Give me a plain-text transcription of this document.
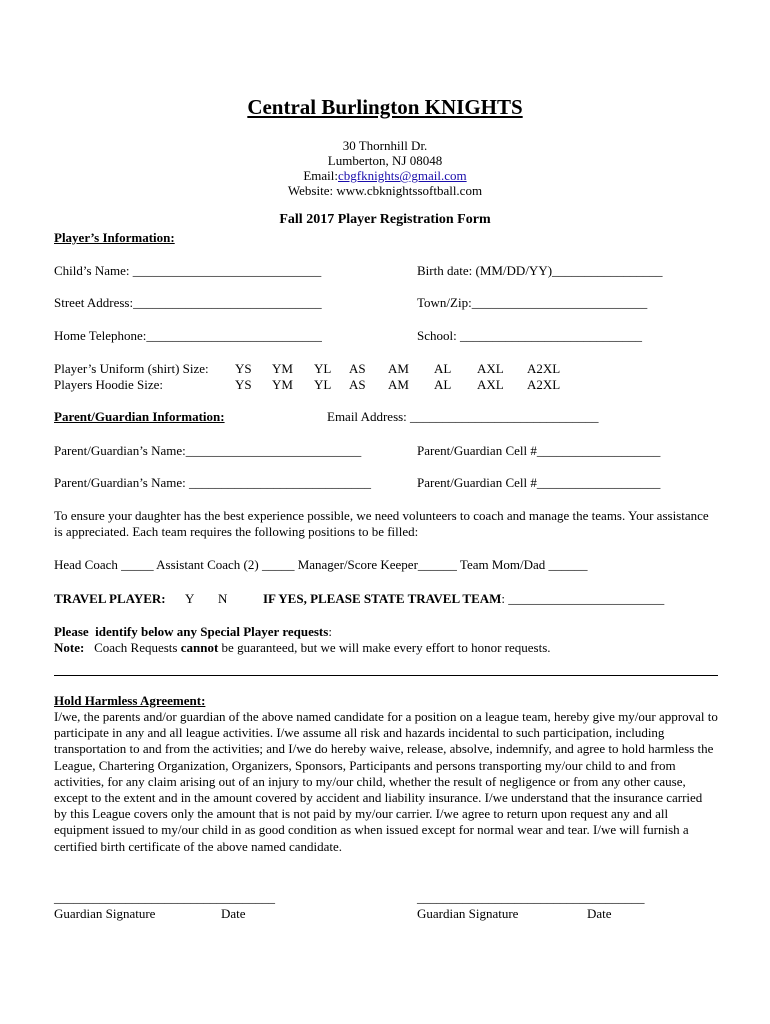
Central Burlington KNIGHTS
30 Thornhill Dr.
Lumberton, NJ 08048
Email:cbgfknights@gmail.com
Website: www.cbknightssoftball.com
Fall 2017 Player Registration Form
Player’s Information:
Child’s Name: _____________________________	Birth date: (MM/DD/YY)_________________
Street Address:_____________________________	Town/Zip:___________________________
Home Telephone:___________________________	School: ____________________________
Player’s Uniform (shirt) Size: YS YM YL AS AM AL AXL A2XL
Players Hoodie Size:	YS YM YL AS AM AL AXL A2XL
Parent/Guardian Information:	Email Address: _____________________________
Parent/Guardian’s Name:___________________________	Parent/Guardian Cell #___________________
Parent/Guardian’s Name: ____________________________	Parent/Guardian Cell #___________________
To ensure your daughter has the best experience possible, we need volunteers to coach and manage the teams. Your assistance is appreciated. Each team requires the following positions to be filled:
Head Coach _____ Assistant Coach (2) _____ Manager/Score Keeper______ Team Mom/Dad ______
TRAVEL PLAYER: Y N	IF YES, PLEASE STATE TRAVEL TEAM: ________________________
Please  identify below any Special Player requests:
Note:   Coach Requests cannot be guaranteed, but we will make every effort to honor requests.
Hold Harmless Agreement:
I/we, the parents and/or guardian of the above named candidate for a position on a league team, hereby give my/our approval to participate in any and all league activities. I/we assume all risk and hazards incidental to such participation, including transportation to and from the activities; and I/we do hereby waive, release, absolve, indemnify, and agree to hold harmless the League, Chartering Organization, Organizers, Sponsors, Participants and persons transporting my/our child to and from activities, for any claim arising out of an injury to my/our child, whether the result of negligence or from any other cause, except to the extent and in the amount covered by accident and liability insurance. I/we understand that the insurance carried by this League covers only the amount that is not paid by my/our carrier. I/we agree to return upon request any and all equipment issued to my/our child in as good condition as when issued except for normal wear and tear. I/we will furnish a certified birth certificate of the above named candidate.
__________________________________	___________________________________
Guardian Signature	Date	Guardian Signature	Date
